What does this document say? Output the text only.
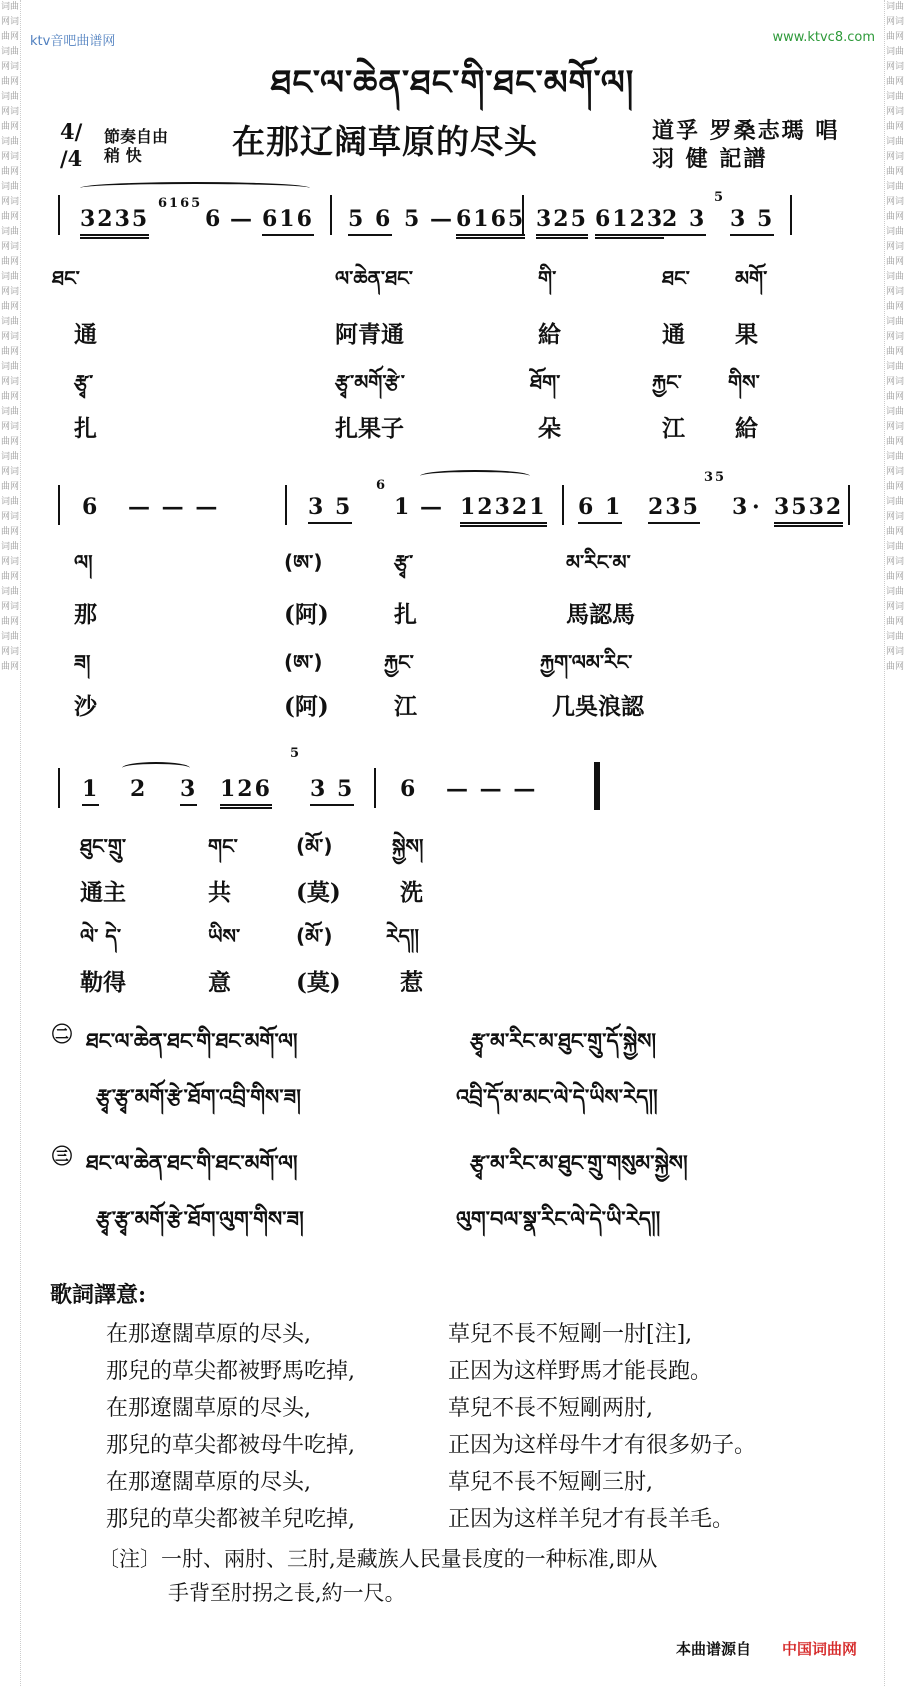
词曲网词曲网词曲网词曲网词曲网词曲网词曲网词曲网词曲网词曲网词曲网词曲网词曲网词曲网词曲网词曲网词曲网词曲网词曲网词曲网词曲网词曲网词曲网词曲网词曲网词曲网词曲网词曲网词曲网词曲网
词曲网词曲网词曲网词曲网词曲网词曲网词曲网词曲网词曲网词曲网词曲网词曲网词曲网词曲网词曲网词曲网词曲网词曲网词曲网词曲网词曲网词曲网词曲网词曲网词曲网词曲网词曲网词曲网词曲网词曲网
ktv音吧曲谱网	www.ktvc8.com
ཐང་ལ་ཆེན་ཐང་གི་ཐང་མགོ་ལ།
4/
/4
節奏自由
稍 快	在那辽阔草原的尽头	道孚 罗桑志瑪 唱
羽 健 記譜
3235
6165
6 — 616 5 6 5 — 6165 325 6123
2 3
5
3 5
ཐང་	ལ་ཆེན་ཐང་	གི་	ཐང་ མགོ་
通	阿青通	給	通 果
རྩྭ་	རྩྭ་མགོ་རྩེ་	ཐོག་	རྐྱང་ གིས་
扎	扎果子	朵	江 給
6 — — —	3 5
6
1 — 12321 6 1 235
35
3 · 3532
ལ།	(ཨ་)	རྩྭ་	མ་རིང་མ་
那	(阿)	扎	馬認馬
ཟ།	(ཨ་)	རྐྱང་	རྐྱག་ལམ་རིང་
沙	(阿)	江	几吳浪認
1 2 3 126
5
3 5 6 — — —
ཐུང་གྲུ་	གང་	(མོ་)	སྐྱེས།
通主	共	(莫)	洗
ལེ་ དེ་	ཡིས་	(མོ་)	རེད།།
勒得	意	(莫)	惹
㊁ ཐང་ལ་ཆེན་ཐང་གི་ཐང་མགོ་ལ།	རྩྭ་མ་རིང་མ་ཐུང་གྲུ་དོ་སྐྱེས།
རྩྭ་རྩྭ་མགོ་རྩེ་ཐོག་འབྲི་གིས་ཟ།	འབྲི་དོ་མ་མང་ལེ་དེ་ཡིས་རེད།།
㊂ ཐང་ལ་ཆེན་ཐང་གི་ཐང་མགོ་ལ།	རྩྭ་མ་རིང་མ་ཐུང་གྲུ་གསུམ་སྐྱེས།
རྩྭ་རྩྭ་མགོ་རྩེ་ཐོག་ལུག་གིས་ཟ།	ལུག་བལ་སྣ་རིང་ལེ་དེ་ཡི་རེད།།
歌詞譯意:
在那遼闊草原的尽头,
那兒的草尖都被野馬吃掉,
在那遼闊草原的尽头,
那兒的草尖都被母牛吃掉,
在那遼闊草原的尽头,
那兒的草尖都被羊兒吃掉,
草兒不長不短剛一肘[注],
正因为这样野馬才能長跑。
草兒不長不短剛两肘,
正因为这样母牛才有很多奶子。
草兒不長不短剛三肘,
正因为这样羊兒才有長羊毛。
〔注〕一肘、兩肘、三肘,是藏族人民量長度的一种标准,即从
手背至肘拐之長,約一尺。
本曲谱源自 中国词曲网
